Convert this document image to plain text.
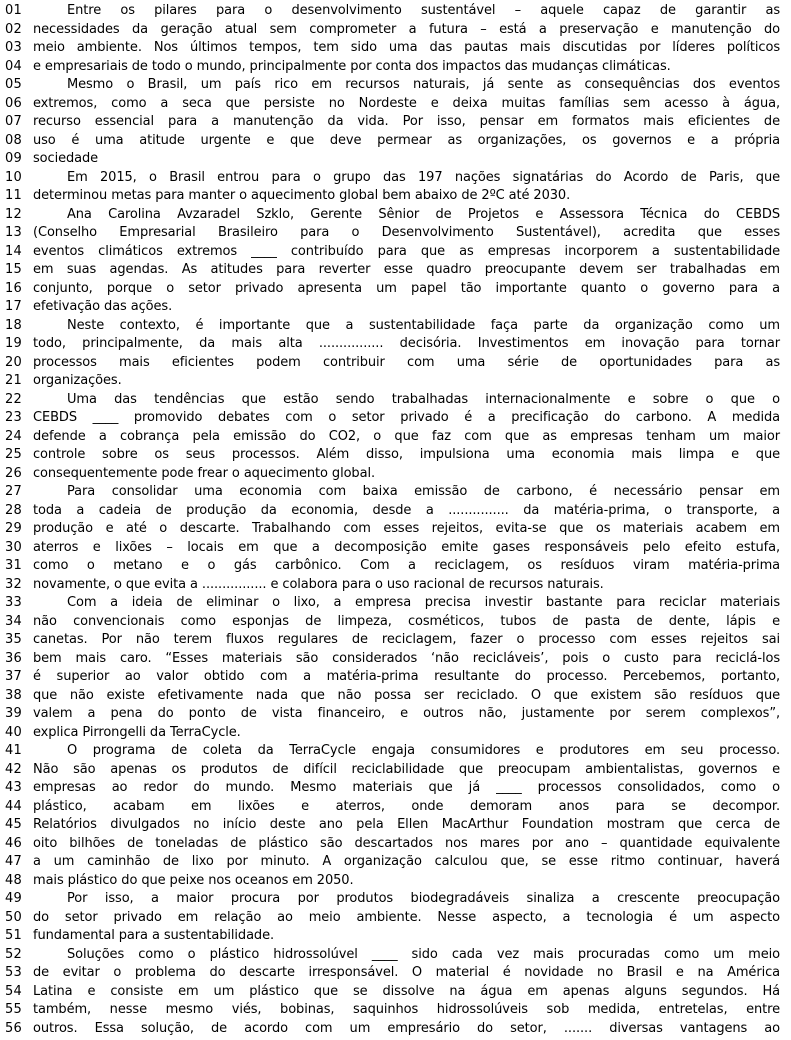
01	Entre os pilares para o desenvolvimento sustentável – aquele capaz de garantir as
02 necessidades da geração atual sem comprometer a futura – está a preservação e manutenção do
03 meio ambiente. Nos últimos tempos, tem sido uma das pautas mais discutidas por líderes políticos
04 e empresariais de todo o mundo, principalmente por conta dos impactos das mudanças climáticas.
05	Mesmo o Brasil, um país rico em recursos naturais, já sente as consequências dos eventos
06 extremos, como a seca que persiste no Nordeste e deixa muitas famílias sem acesso à água,
07 recurso essencial para a manutenção da vida. Por isso, pensar em formatos mais eficientes de
08 uso é uma atitude urgente e que deve permear as organizações, os governos e a própria
09 sociedade
10	Em 2015, o Brasil entrou para o grupo das 197 nações signatárias do Acordo de Paris, que
11 determinou metas para manter o aquecimento global bem abaixo de 2ºC até 2030.
12	Ana Carolina Avzaradel Szklo, Gerente Sênior de Projetos e Assessora Técnica do CEBDS
13 (Conselho Empresarial Brasileiro para o Desenvolvimento Sustentável), acredita que esses
14 eventos climáticos extremos ____ contribuído para que as empresas incorporem a sustentabilidade
15 em suas agendas. As atitudes para reverter esse quadro preocupante devem ser trabalhadas em
16 conjunto, porque o setor privado apresenta um papel tão importante quanto o governo para a
17 efetivação das ações.
18	Neste contexto, é importante que a sustentabilidade faça parte da organização como um
19 todo, principalmente, da mais alta ................ decisória. Investimentos em inovação para tornar
20 processos mais eficientes podem contribuir com uma série de oportunidades para as
21 organizações.
22	Uma das tendências que estão sendo trabalhadas internacionalmente e sobre o que o
23 CEBDS ____ promovido debates com o setor privado é a precificação do carbono. A medida
24 defende a cobrança pela emissão do CO2, o que faz com que as empresas tenham um maior
25 controle sobre os seus processos. Além disso, impulsiona uma economia mais limpa e que
26 consequentemente pode frear o aquecimento global.
27	Para consolidar uma economia com baixa emissão de carbono, é necessário pensar em
28 toda a cadeia de produção da economia, desde a ............... da matéria-prima, o transporte, a
29 produção e até o descarte. Trabalhando com esses rejeitos, evita-se que os materiais acabem em
30 aterros e lixões – locais em que a decomposição emite gases responsáveis pelo efeito estufa,
31 como o metano e o gás carbônico. Com a reciclagem, os resíduos viram matéria-prima
32 novamente, o que evita a ................ e colabora para o uso racional de recursos naturais.
33	Com a ideia de eliminar o lixo, a empresa precisa investir bastante para reciclar materiais
34 não convencionais como esponjas de limpeza, cosméticos, tubos de pasta de dente, lápis e
35 canetas. Por não terem fluxos regulares de reciclagem, fazer o processo com esses rejeitos sai
36 bem mais caro. “Esses materiais são considerados ‘não recicláveis’, pois o custo para reciclá-los
37 é superior ao valor obtido com a matéria-prima resultante do processo. Percebemos, portanto,
38 que não existe efetivamente nada que não possa ser reciclado. O que existem são resíduos que
39 valem a pena do ponto de vista financeiro, e outros não, justamente por serem complexos”,
40 explica Pirrongelli da TerraCycle.
41	O programa de coleta da TerraCycle engaja consumidores e produtores em seu processo.
42 Não são apenas os produtos de difícil reciclabilidade que preocupam ambientalistas, governos e
43 empresas ao redor do mundo. Mesmo materiais que já ____ processos consolidados, como o
44 plástico, acabam em lixões e aterros, onde demoram anos para se decompor.
45 Relatórios divulgados no início deste ano pela Ellen MacArthur Foundation mostram que cerca de
46 oito bilhões de toneladas de plástico são descartados nos mares por ano – quantidade equivalente
47 a um caminhão de lixo por minuto. A organização calculou que, se esse ritmo continuar, haverá
48 mais plástico do que peixe nos oceanos em 2050.
49	Por isso, a maior procura por produtos biodegradáveis sinaliza a crescente preocupação
50 do setor privado em relação ao meio ambiente. Nesse aspecto, a tecnologia é um aspecto
51 fundamental para a sustentabilidade.
52	Soluções como o plástico hidrossolúvel ____ sido cada vez mais procuradas como um meio
53 de evitar o problema do descarte irresponsável. O material é novidade no Brasil e na América
54 Latina e consiste em um plástico que se dissolve na água em apenas alguns segundos. Há
55 também, nesse mesmo viés, bobinas, saquinhos hidrossolúveis sob medida, entretelas, entre
56 outros. Essa solução, de acordo com um empresário do setor, ....... diversas vantagens ao
